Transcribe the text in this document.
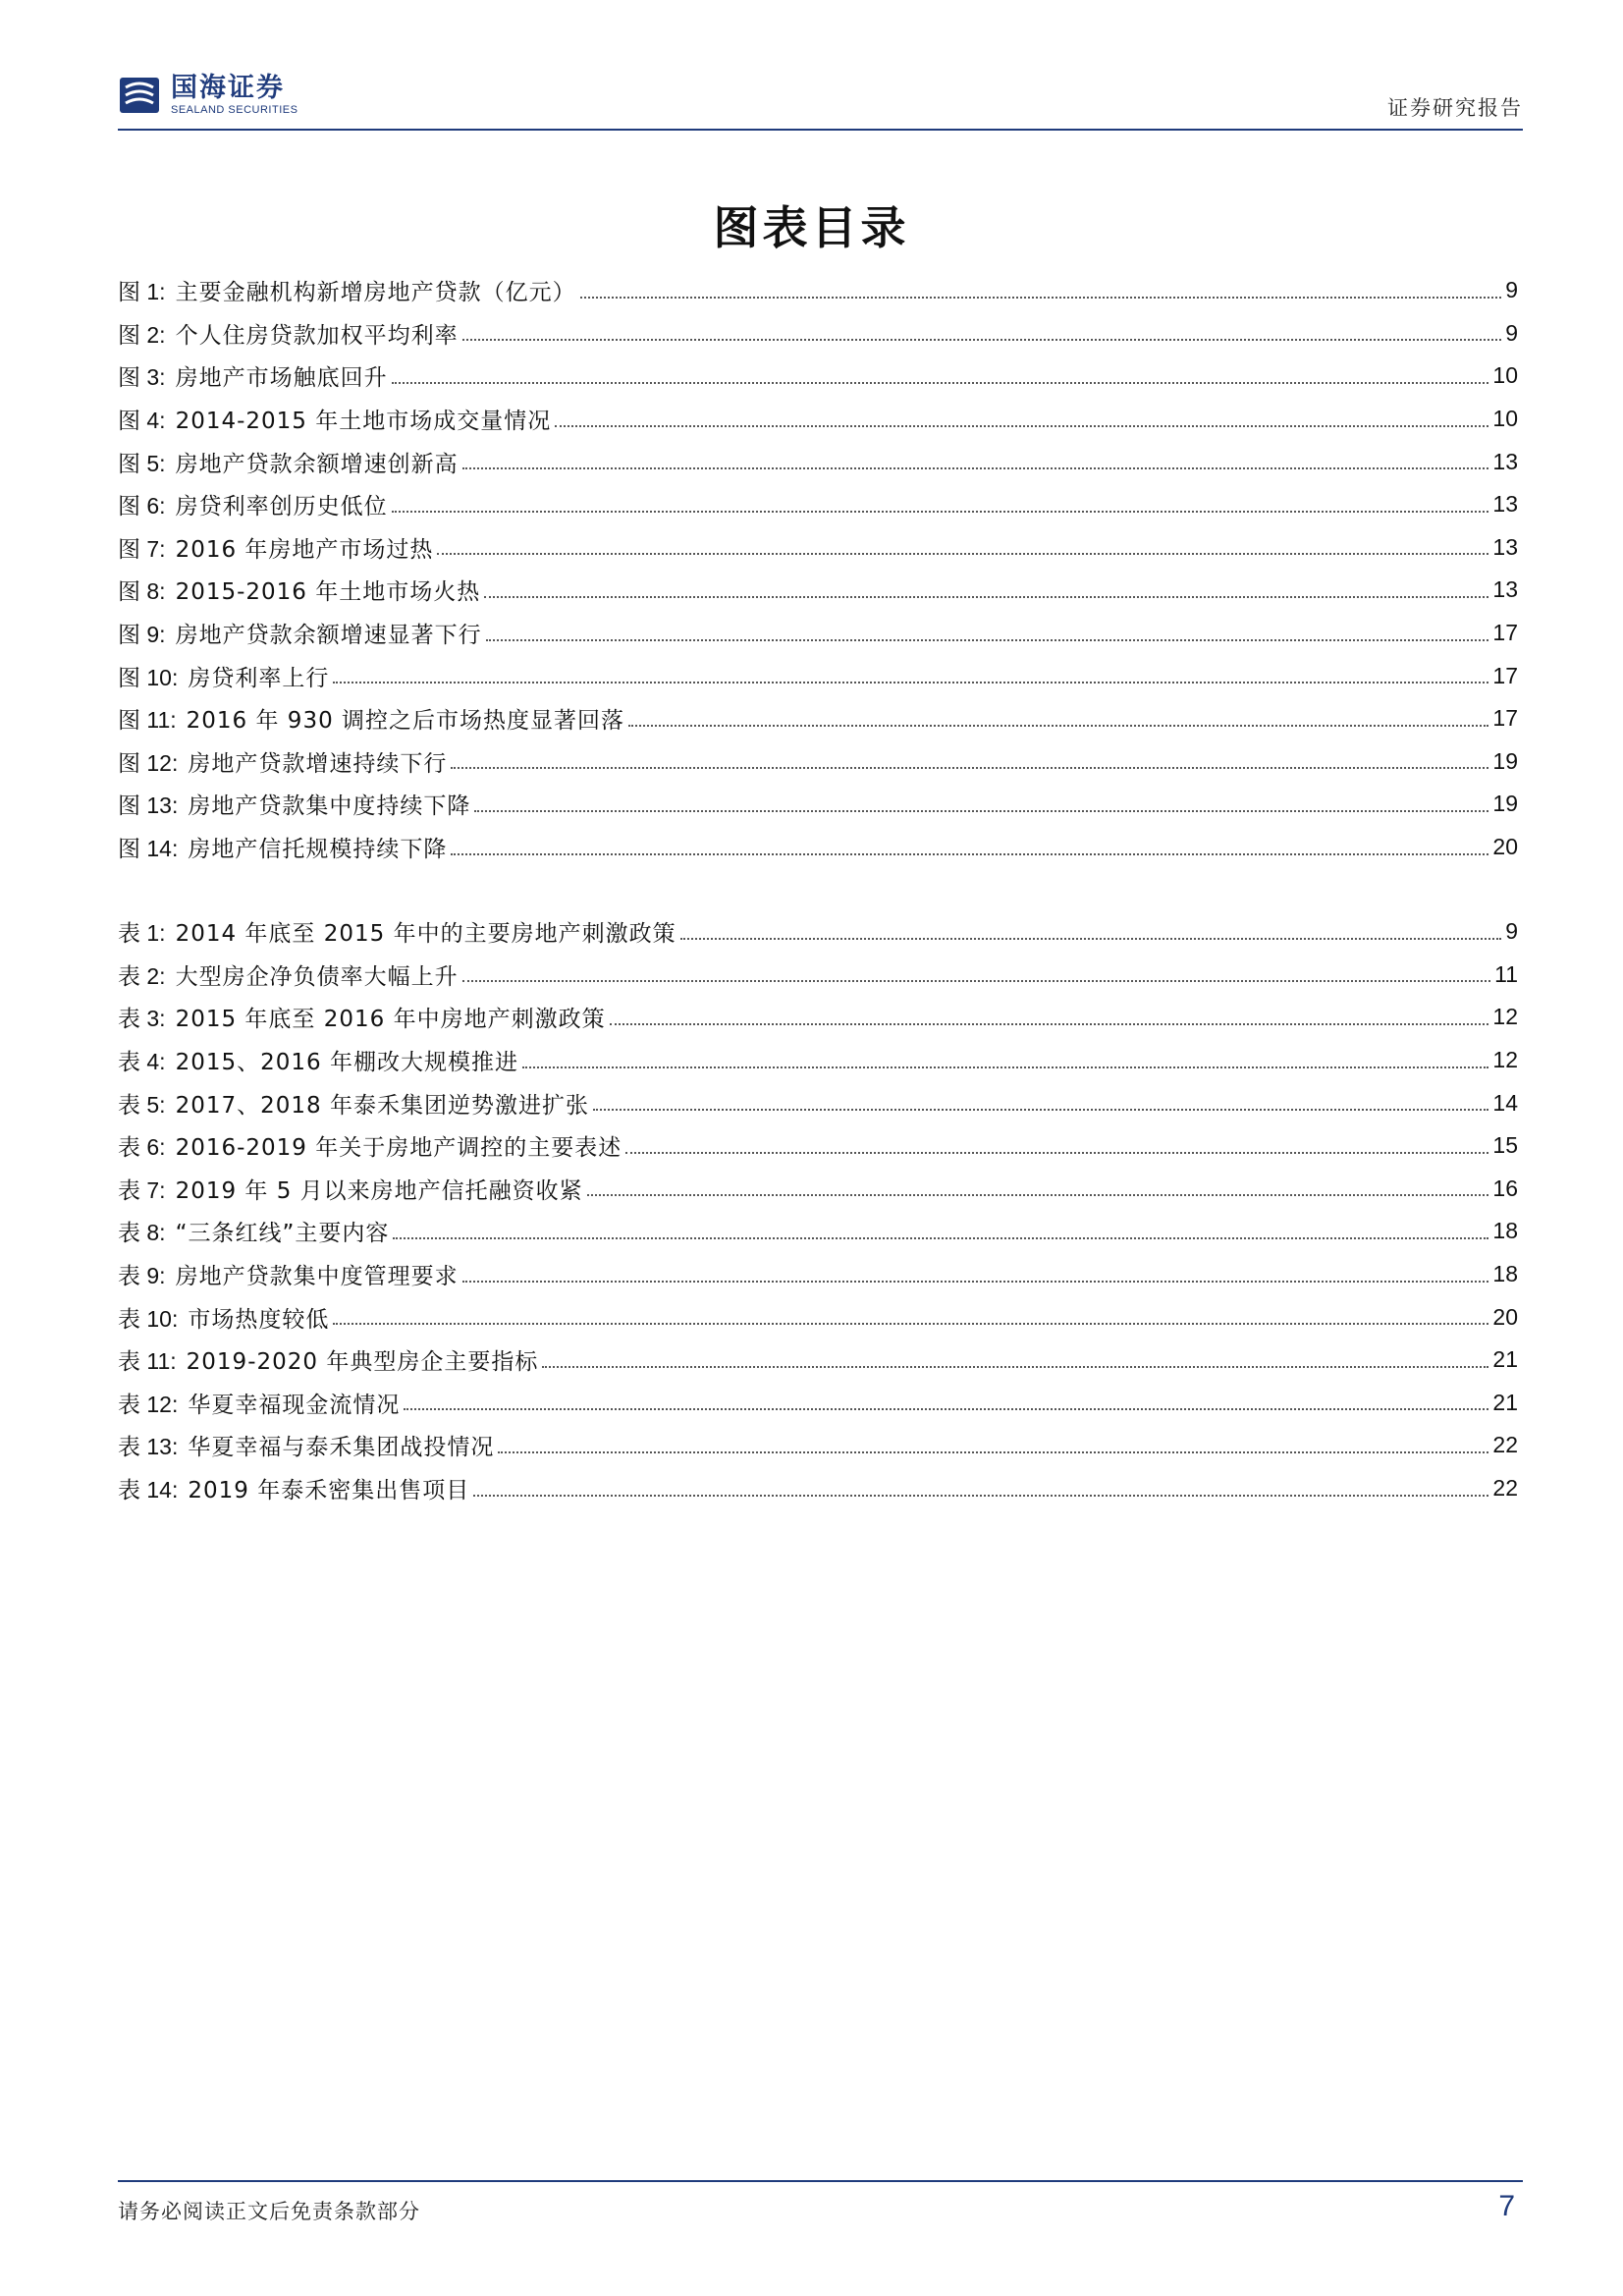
国海证券
SEALAND SECURITIES	证券研究报告
图表目录
图 1: 主要金融机构新增房地产贷款（亿元）	9
图 2: 个人住房贷款加权平均利率	9
图 3: 房地产市场触底回升	10
图 4: 2014-2015 年土地市场成交量情况	10
图 5: 房地产贷款余额增速创新高	13
图 6: 房贷利率创历史低位	13
图 7: 2016 年房地产市场过热	13
图 8: 2015-2016 年土地市场火热	13
图 9: 房地产贷款余额增速显著下行	17
图 10: 房贷利率上行	17
图 11: 2016 年 930 调控之后市场热度显著回落	17
图 12: 房地产贷款增速持续下行	19
图 13: 房地产贷款集中度持续下降	19
图 14: 房地产信托规模持续下降	20
表 1: 2014 年底至 2015 年中的主要房地产刺激政策	9
表 2: 大型房企净负债率大幅上升	11
表 3: 2015 年底至 2016 年中房地产刺激政策	12
表 4: 2015、2016 年棚改大规模推进	12
表 5: 2017、2018 年泰禾集团逆势激进扩张	14
表 6: 2016-2019 年关于房地产调控的主要表述	15
表 7: 2019 年 5 月以来房地产信托融资收紧	16
表 8: “三条红线”主要内容	18
表 9: 房地产贷款集中度管理要求	18
表 10: 市场热度较低	20
表 11: 2019-2020 年典型房企主要指标	21
表 12: 华夏幸福现金流情况	21
表 13: 华夏幸福与泰禾集团战投情况	22
表 14: 2019 年泰禾密集出售项目	22
请务必阅读正文后免责条款部分	7
